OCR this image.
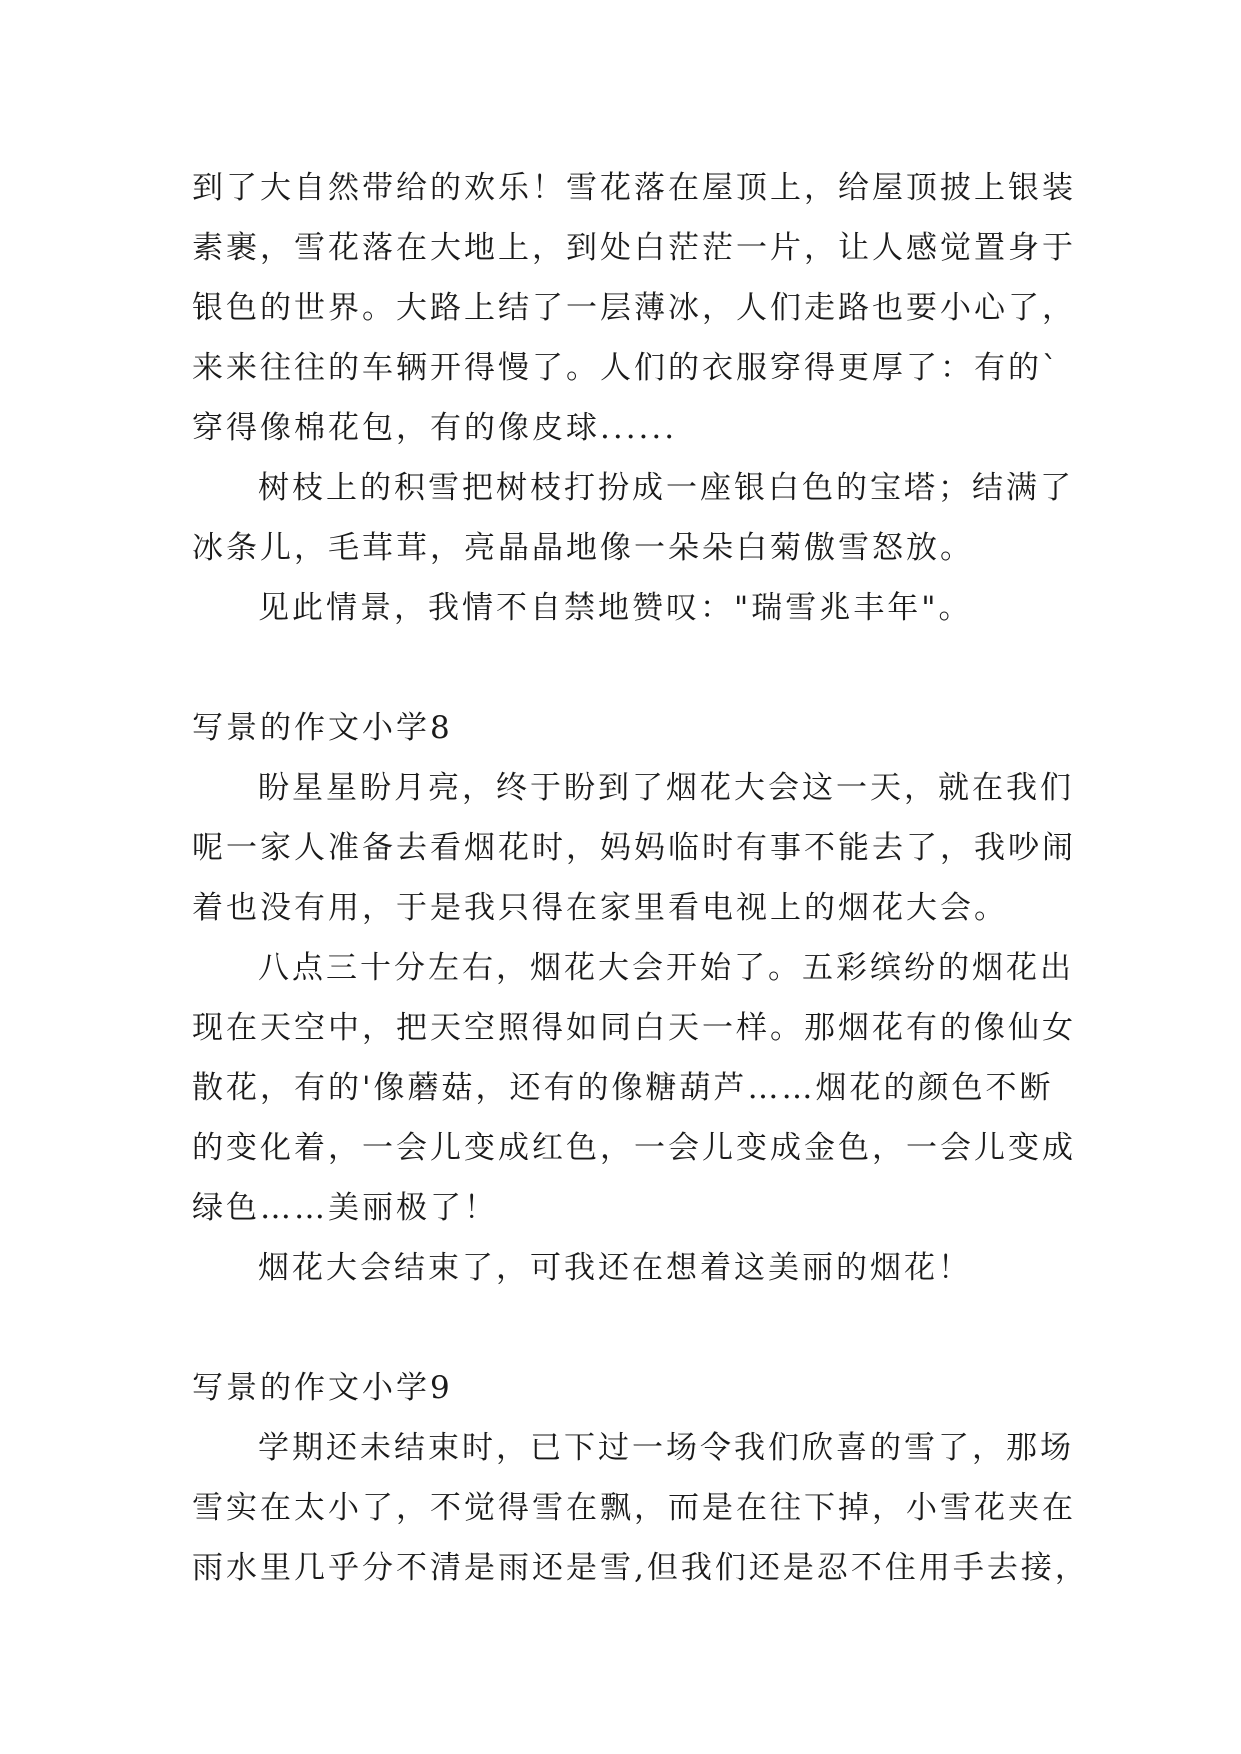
到了大自然带给的欢乐！雪花落在屋顶上，给屋顶披上银装
素裹，雪花落在大地上，到处白茫茫一片，让人感觉置身于
银色的世界。大路上结了一层薄冰，人们走路也要小心了，
来来往往的车辆开得慢了。人们的衣服穿得更厚了：有的`
穿得像棉花包，有的像皮球......
树枝上的积雪把树枝打扮成一座银白色的宝塔；结满了
冰条儿，毛茸茸，亮晶晶地像一朵朵白菊傲雪怒放。
见此情景，我情不自禁地赞叹："瑞雪兆丰年"。
写景的作文小学8
盼星星盼月亮，终于盼到了烟花大会这一天，就在我们
呢一家人准备去看烟花时，妈妈临时有事不能去了，我吵闹
着也没有用，于是我只得在家里看电视上的烟花大会。
八点三十分左右，烟花大会开始了。五彩缤纷的烟花出
现在天空中，把天空照得如同白天一样。那烟花有的像仙女
散花，有的'像蘑菇，还有的像糖葫芦……烟花的颜色不断
的变化着，一会儿变成红色，一会儿变成金色，一会儿变成
绿色……美丽极了！
烟花大会结束了，可我还在想着这美丽的烟花！
写景的作文小学9
学期还未结束时，已下过一场令我们欣喜的雪了，那场
雪实在太小了，不觉得雪在飘，而是在往下掉，小雪花夹在
雨水里几乎分不清是雨还是雪,但我们还是忍不住用手去接，
